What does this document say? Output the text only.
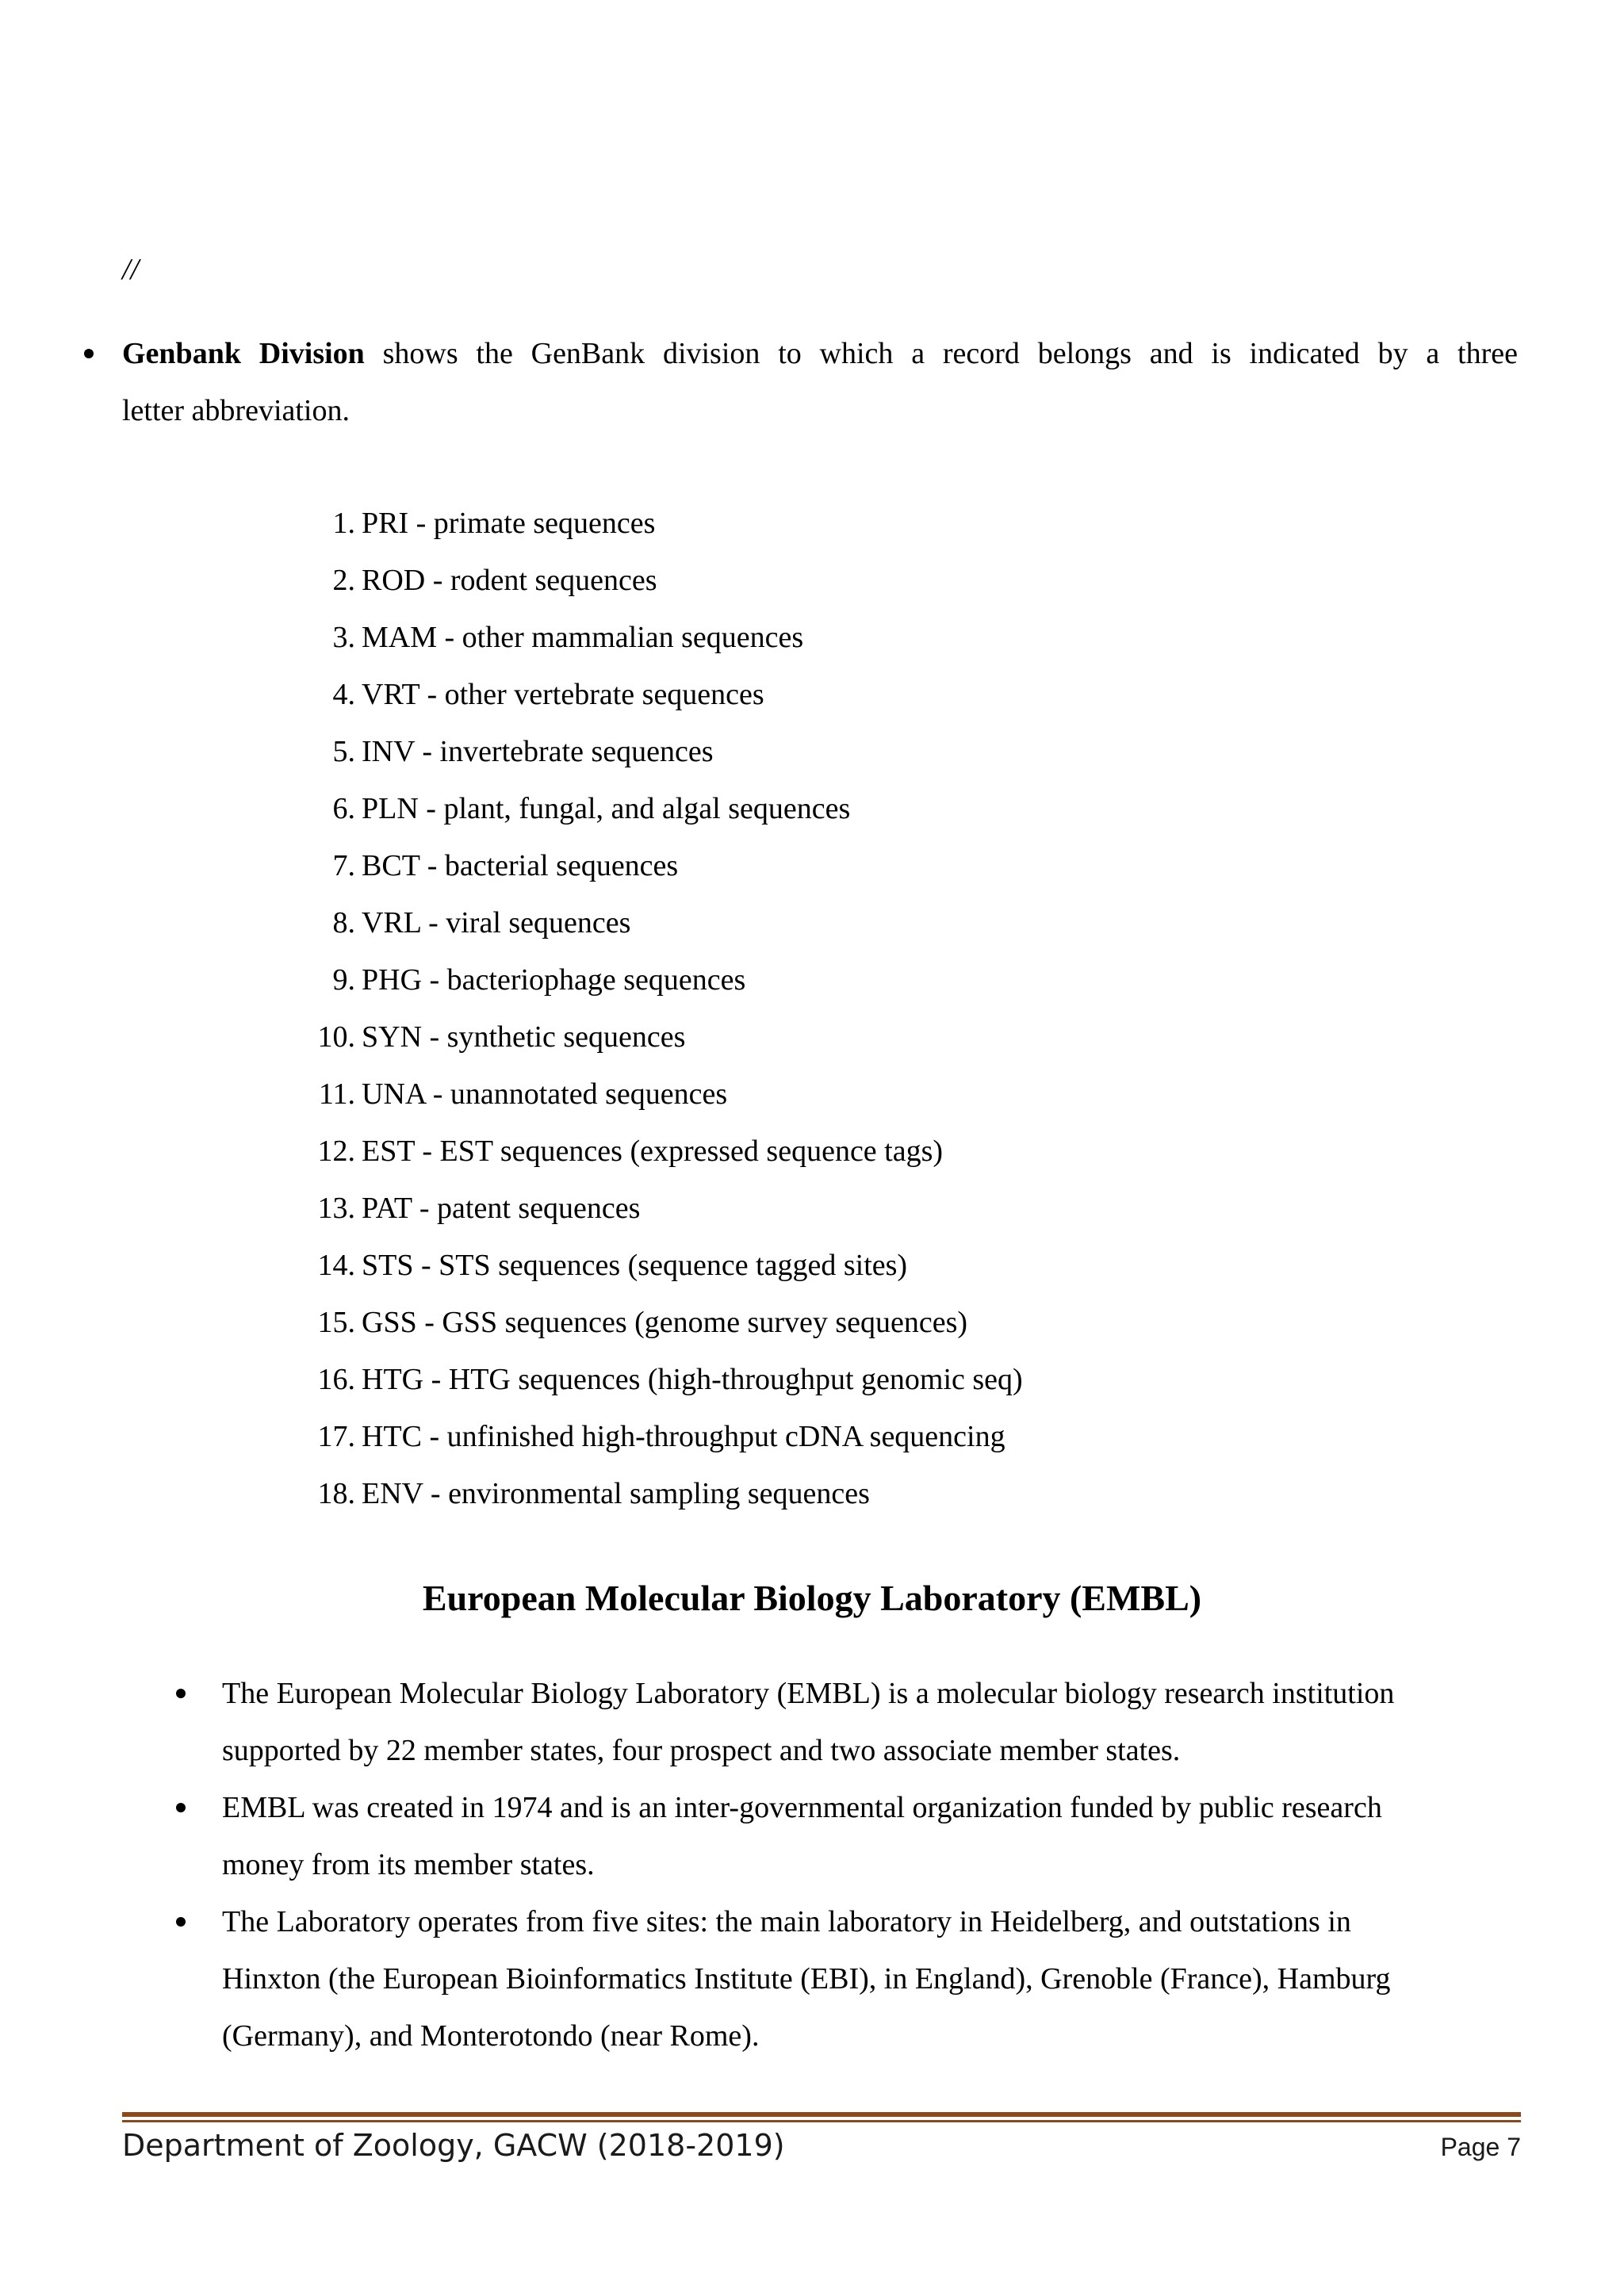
//
Genbank Division shows the GenBank division to which a record belongs and is indicated by a three
letter abbreviation.
1. PRI - primate sequences
2. ROD - rodent sequences
3. MAM - other mammalian sequences
4. VRT - other vertebrate sequences
5. INV - invertebrate sequences
6. PLN - plant, fungal, and algal sequences
7. BCT - bacterial sequences
8. VRL - viral sequences
9. PHG - bacteriophage sequences
10. SYN - synthetic sequences
11. UNA - unannotated sequences
12. EST - EST sequences (expressed sequence tags)
13. PAT - patent sequences
14. STS - STS sequences (sequence tagged sites)
15. GSS - GSS sequences (genome survey sequences)
16. HTG - HTG sequences (high-throughput genomic seq)
17. HTC - unfinished high-throughput cDNA sequencing
18. ENV - environmental sampling sequences
European Molecular Biology Laboratory (EMBL)
The European Molecular Biology Laboratory (EMBL) is a molecular biology research institution
supported by 22 member states, four prospect and two associate member states.
EMBL was created in 1974 and is an inter-governmental organization funded by public research
money from its member states.
The Laboratory operates from five sites: the main laboratory in Heidelberg, and outstations in
Hinxton (the European Bioinformatics Institute (EBI), in England), Grenoble (France), Hamburg
(Germany), and Monterotondo (near Rome).
Department of Zoology, GACW (2018-2019)	Page 7
